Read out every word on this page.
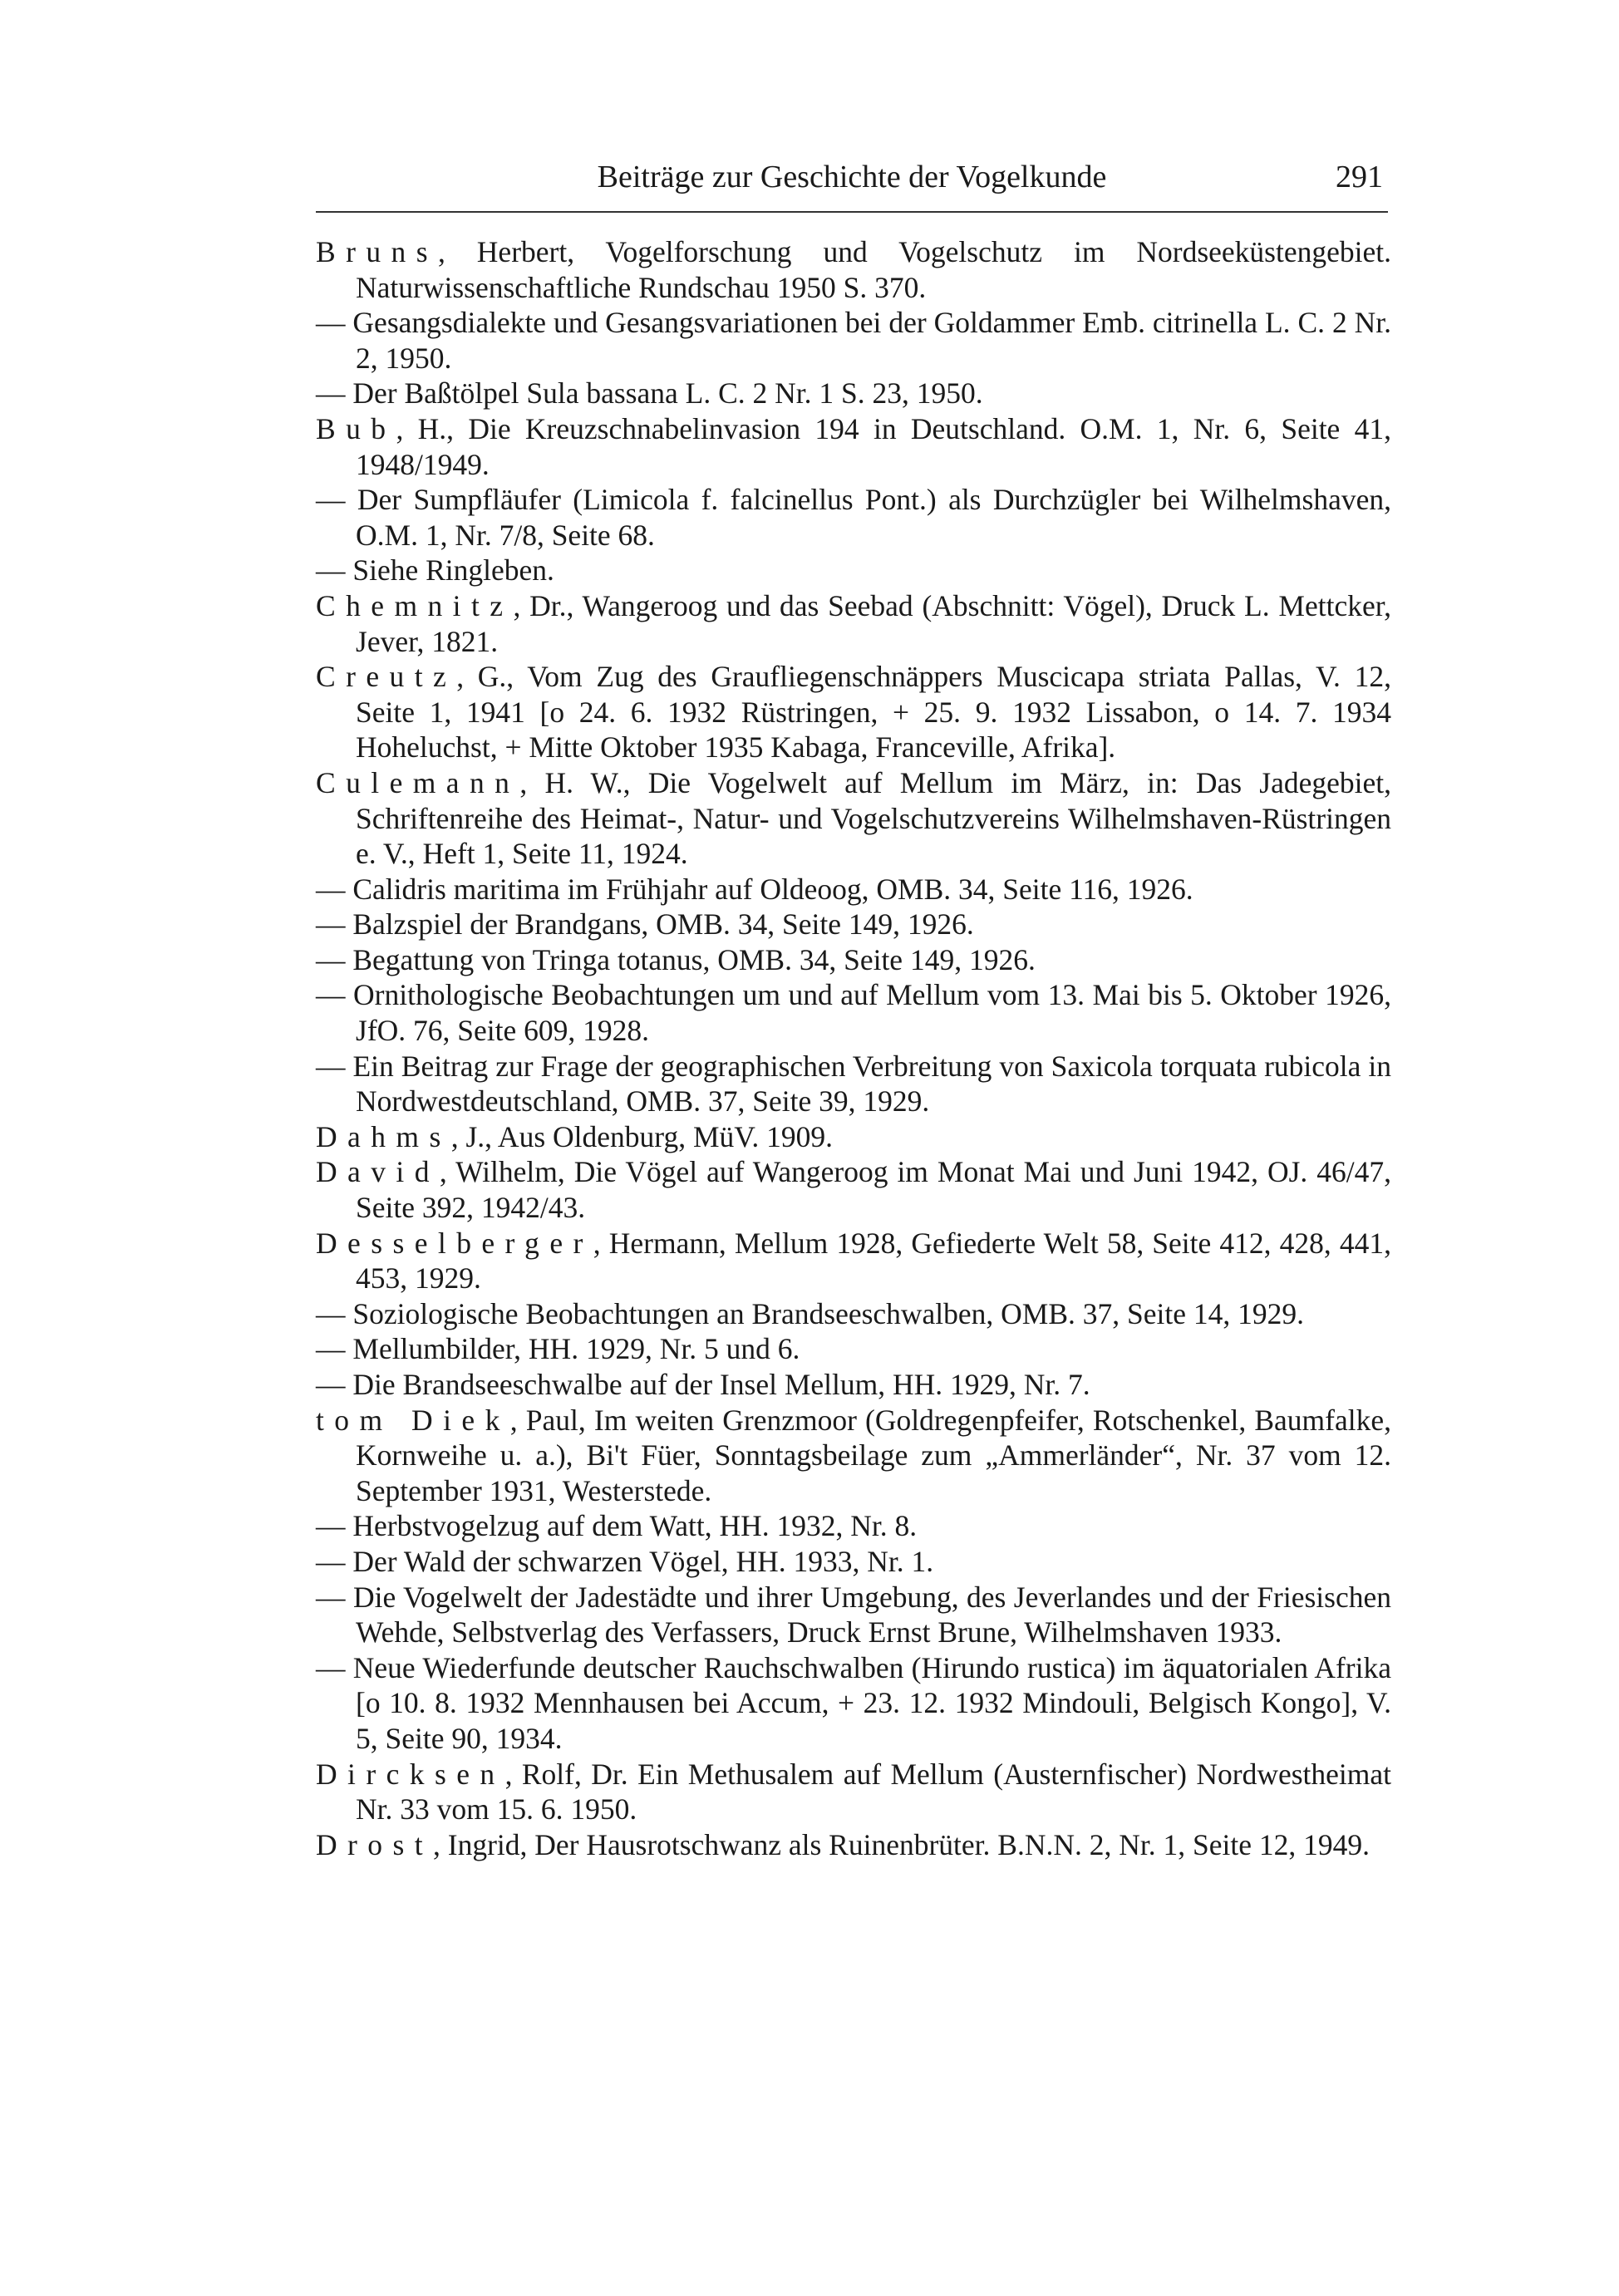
Beiträge zur Geschichte der Vogelkunde	291

Bruns, Herbert, Vogelforschung und Vogelschutz im Nordseeküstengebiet. Naturwissenschaftliche Rundschau 1950 S. 370.

— Gesangsdialekte und Gesangsvariationen bei der Goldammer Emb. citrinella L. C. 2 Nr. 2, 1950.

— Der Baßtölpel Sula bassana L. C. 2 Nr. 1 S. 23, 1950.

Bub, H., Die Kreuzschnabelinvasion 194 in Deutschland. O.M. 1, Nr. 6, Seite 41, 1948/1949.

— Der Sumpfläufer (Limicola f. falcinellus Pont.) als Durchzügler bei Wilhelmshaven, O.M. 1, Nr. 7/8, Seite 68.

— Siehe Ringleben.

Chemnitz, Dr., Wangeroog und das Seebad (Abschnitt: Vögel), Druck L. Mettcker, Jever, 1821.

Creutz, G., Vom Zug des Graufliegenschnäppers Muscicapa striata Pallas, V. 12, Seite 1, 1941 [o 24. 6. 1932 Rüstringen, + 25. 9. 1932 Lissabon, o 14. 7. 1934 Hoheluchst, + Mitte Oktober 1935 Kabaga, Franceville, Afrika].

Culemann, H. W., Die Vogelwelt auf Mellum im März, in: Das Jadegebiet, Schriftenreihe des Heimat-, Natur- und Vogelschutzvereins Wilhelmshaven-Rüstringen e. V., Heft 1, Seite 11, 1924.

— Calidris maritima im Frühjahr auf Oldeoog, OMB. 34, Seite 116, 1926.

— Balzspiel der Brandgans, OMB. 34, Seite 149, 1926.

— Begattung von Tringa totanus, OMB. 34, Seite 149, 1926.

— Ornithologische Beobachtungen um und auf Mellum vom 13. Mai bis 5. Oktober 1926, JfO. 76, Seite 609, 1928.

— Ein Beitrag zur Frage der geographischen Verbreitung von Saxicola torquata rubicola in Nordwestdeutschland, OMB. 37, Seite 39, 1929.

Dahms, J., Aus Oldenburg, MüV. 1909.

David, Wilhelm, Die Vögel auf Wangeroog im Monat Mai und Juni 1942, OJ. 46/47, Seite 392, 1942/43.

Desselberger, Hermann, Mellum 1928, Gefiederte Welt 58, Seite 412, 428, 441, 453, 1929.

— Soziologische Beobachtungen an Brandseeschwalben, OMB. 37, Seite 14, 1929.

— Mellumbilder, HH. 1929, Nr. 5 und 6.

— Die Brandseeschwalbe auf der Insel Mellum, HH. 1929, Nr. 7.

tom Diek, Paul, Im weiten Grenzmoor (Goldregenpfeifer, Rotschenkel, Baumfalke, Kornweihe u. a.), Bi't Füer, Sonntagsbeilage zum „Ammerländer“, Nr. 37 vom 12. September 1931, Westerstede.

— Herbstvogelzug auf dem Watt, HH. 1932, Nr. 8.

— Der Wald der schwarzen Vögel, HH. 1933, Nr. 1.

— Die Vogelwelt der Jadestädte und ihrer Umgebung, des Jeverlandes und der Friesischen Wehde, Selbstverlag des Verfassers, Druck Ernst Brune, Wilhelmshaven 1933.

— Neue Wiederfunde deutscher Rauchschwalben (Hirundo rustica) im äquatorialen Afrika [o 10. 8. 1932 Mennhausen bei Accum, + 23. 12. 1932 Mindouli, Belgisch Kongo], V. 5, Seite 90, 1934.

Dircksen, Rolf, Dr. Ein Methusalem auf Mellum (Austernfischer) Nordwestheimat Nr. 33 vom 15. 6. 1950.

Drost, Ingrid, Der Hausrotschwanz als Ruinenbrüter. B.N.N. 2, Nr. 1, Seite 12, 1949.
